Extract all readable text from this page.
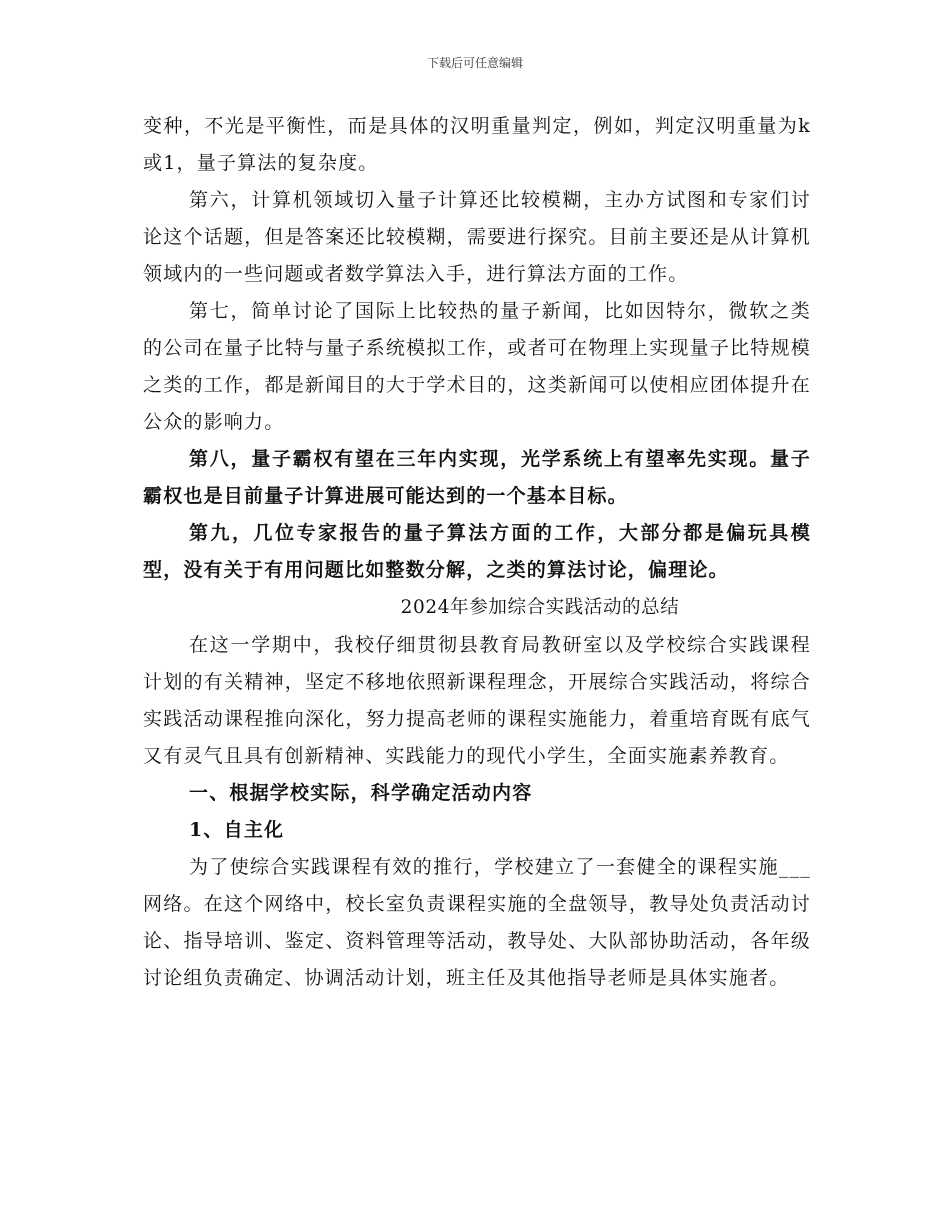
下载后可任意编辑

变种，不光是平衡性，而是具体的汉明重量判定，例如，判定汉明重量为k或1，量子算法的复杂度。

第六，计算机领域切入量子计算还比较模糊，主办方试图和专家们讨论这个话题，但是答案还比较模糊，需要进行探究。目前主要还是从计算机领域内的一些问题或者数学算法入手，进行算法方面的工作。

第七，简单讨论了国际上比较热的量子新闻，比如因特尔，微软之类的公司在量子比特与量子系统模拟工作，或者可在物理上实现量子比特规模之类的工作，都是新闻目的大于学术目的，这类新闻可以使相应团体提升在公众的影响力。

第八，量子霸权有望在三年内实现，光学系统上有望率先实现。量子霸权也是目前量子计算进展可能达到的一个基本目标。

第九，几位专家报告的量子算法方面的工作，大部分都是偏玩具模型，没有关于有用问题比如整数分解，之类的算法讨论，偏理论。

2024年参加综合实践活动的总结

在这一学期中，我校仔细贯彻县教育局教研室以及学校综合实践课程计划的有关精神，坚定不移地依照新课程理念，开展综合实践活动，将综合实践活动课程推向深化，努力提高老师的课程实施能力，着重培育既有底气又有灵气且具有创新精神、实践能力的现代小学生，全面实施素养教育。

一、根据学校实际，科学确定活动内容

1、自主化

为了使综合实践课程有效的推行，学校建立了一套健全的课程实施___网络。在这个网络中，校长室负责课程实施的全盘领导，教导处负责活动讨论、指导培训、鉴定、资料管理等活动，教导处、大队部协助活动，各年级讨论组负责确定、协调活动计划，班主任及其他指导老师是具体实施者。
